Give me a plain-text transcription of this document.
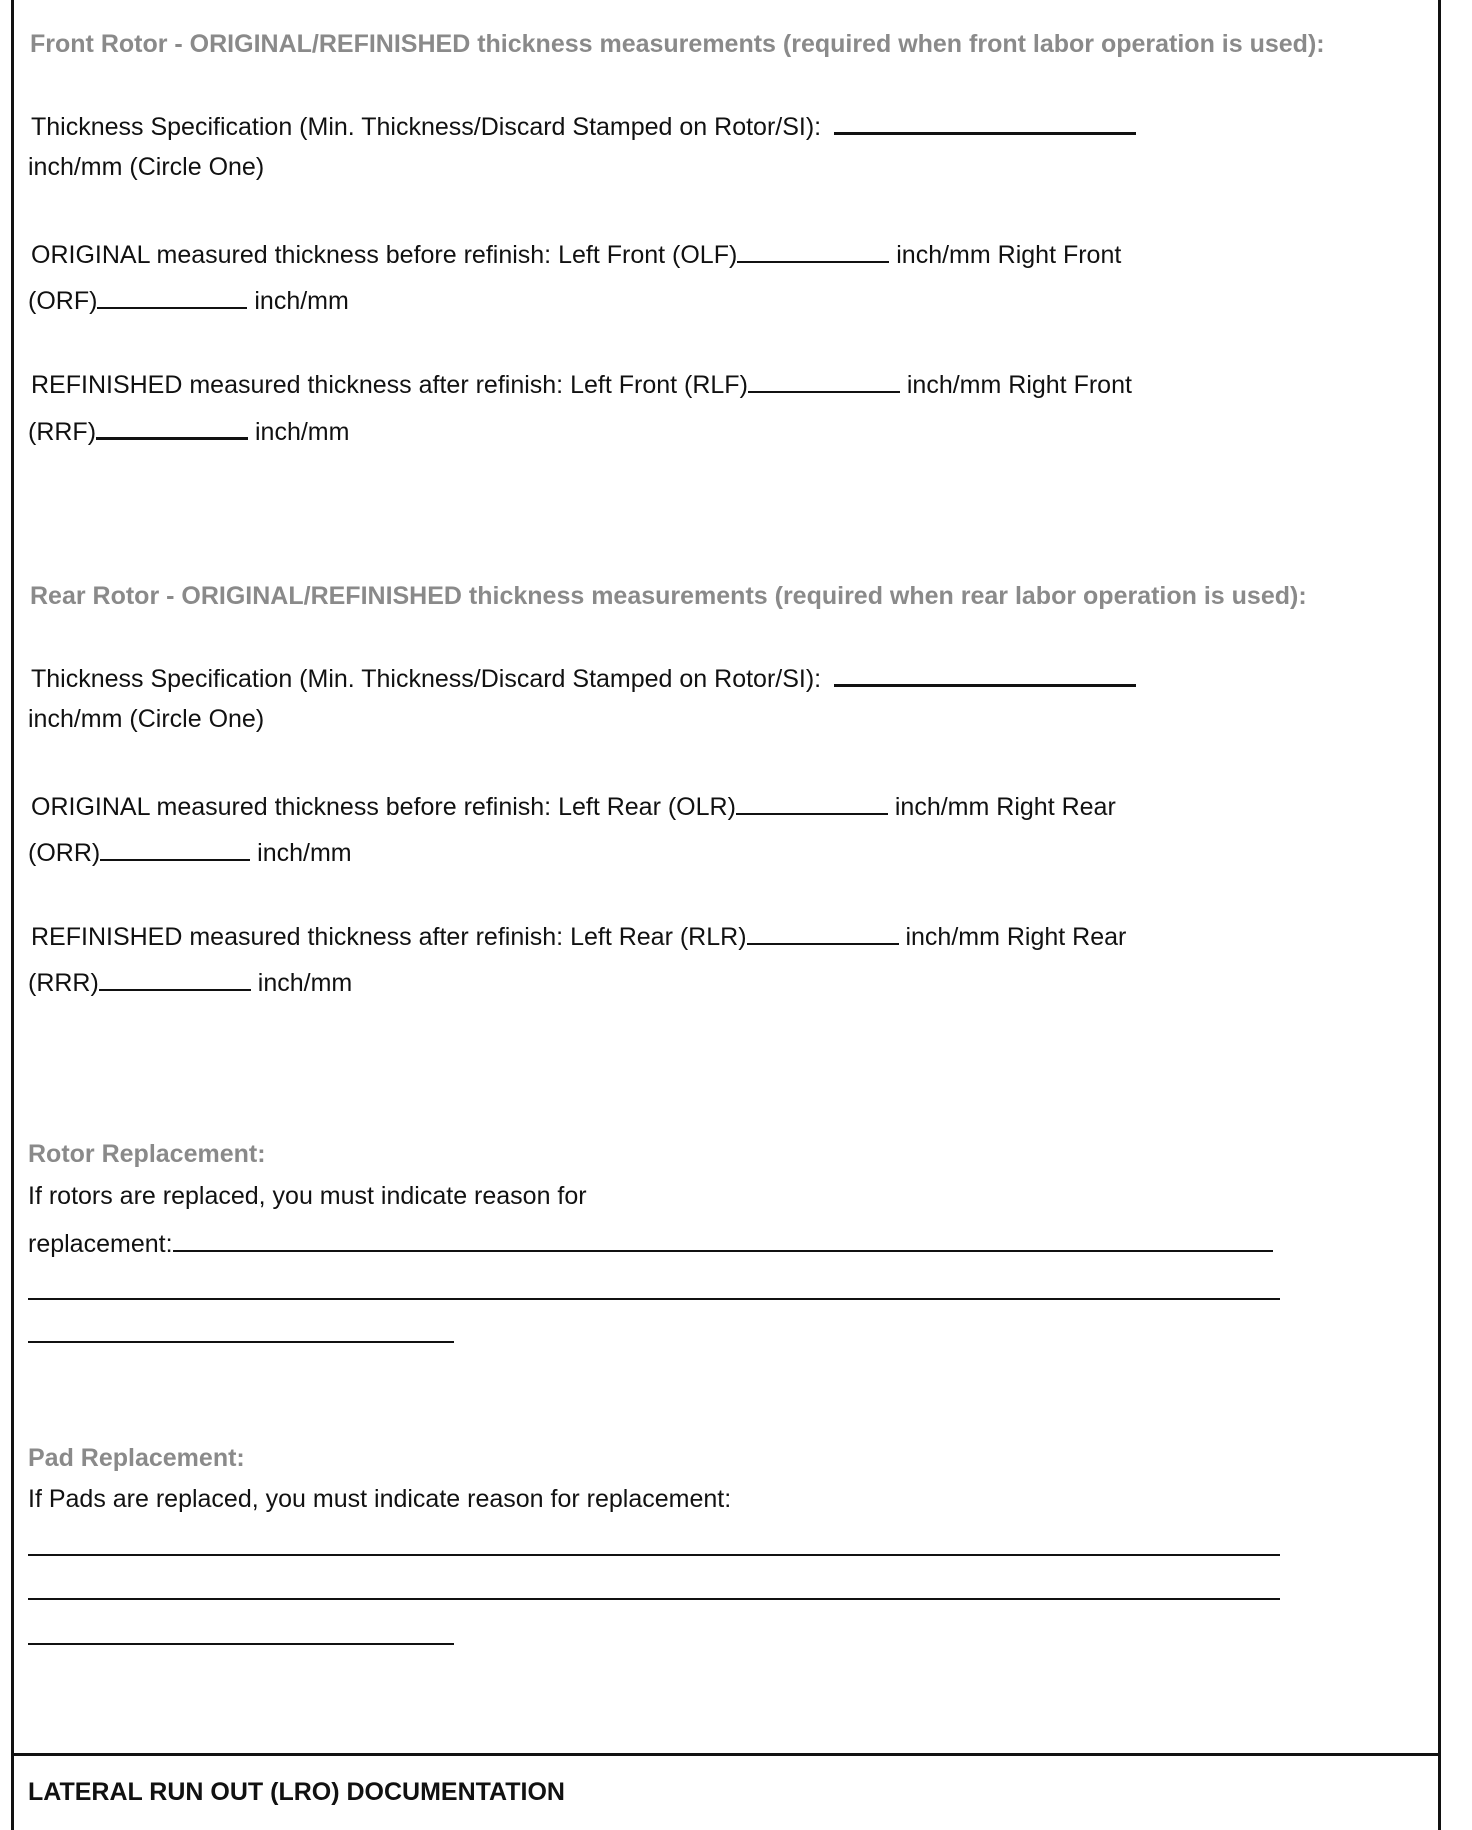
Front Rotor - ORIGINAL/REFINISHED thickness measurements (required when front labor operation is used):
Thickness Specification (Min. Thickness/Discard Stamped on Rotor/SI):
inch/mm (Circle One)
ORIGINAL measured thickness before refinish: Left Front (OLF)	inch/mm Right Front
(ORF)	inch/mm
REFINISHED measured thickness after refinish: Left Front (RLF)	inch/mm Right Front
(RRF)	inch/mm
Rear Rotor - ORIGINAL/REFINISHED thickness measurements (required when rear labor operation is used):
Thickness Specification (Min. Thickness/Discard Stamped on Rotor/SI):
inch/mm (Circle One)
ORIGINAL measured thickness before refinish: Left Rear (OLR)	inch/mm Right Rear
(ORR)	inch/mm
REFINISHED measured thickness after refinish: Left Rear (RLR)	inch/mm Right Rear
(RRR)	inch/mm
Rotor Replacement:
If rotors are replaced, you must indicate reason for
replacement:
Pad Replacement:
If Pads are replaced, you must indicate reason for replacement:
LATERAL RUN OUT (LRO) DOCUMENTATION
